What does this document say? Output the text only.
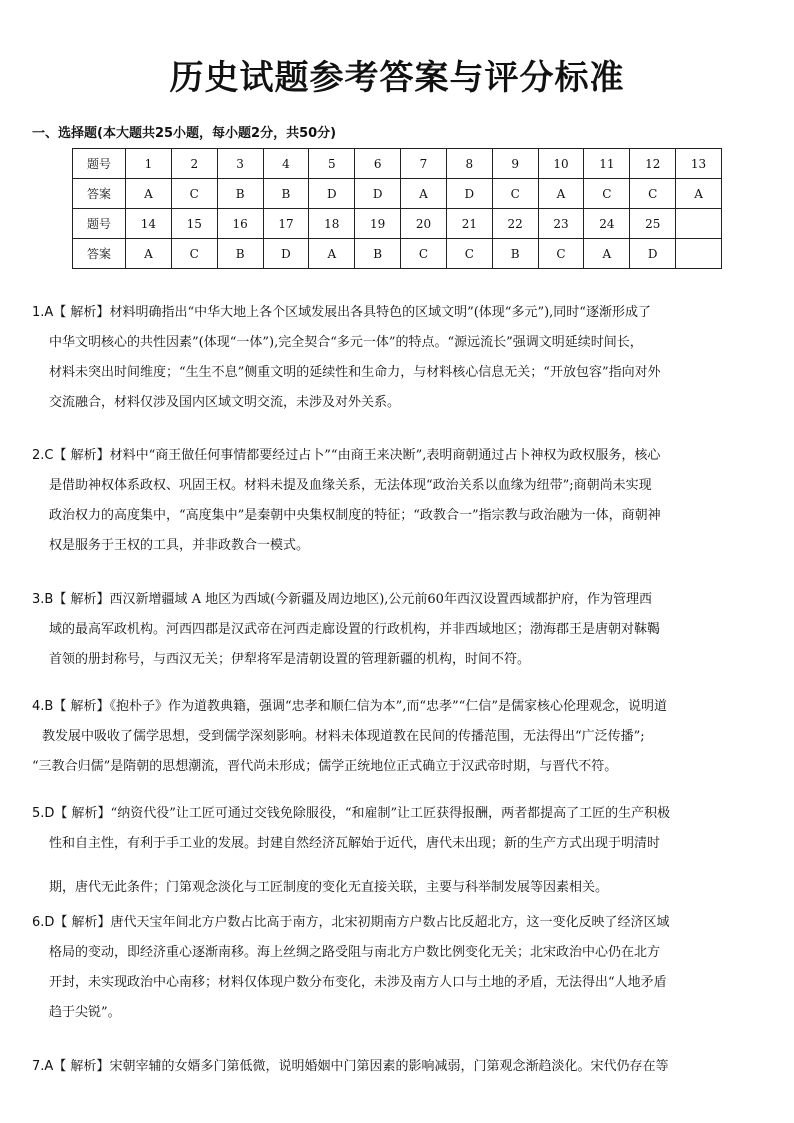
历史试题参考答案与评分标准
一、选择题(本大题共25小题，每小题2分，共50分)
题号	1	2	3	4	5	6	7	8	9	10	11	12	13
答案	A	C	B	B	D	D	A	D	C	A	C	C	A
题号	14	15	16	17	18	19	20	21	22	23	24	25	
答案	A	C	B	D	A	B	C	C	B	C	A	D	

1.A【 解析】材料明确指出“中华大地上各个区域发展出各具特色的区域文明”(体现“多元”),同时“逐渐形成了

中华文明核心的共性因素”(体现“一体”),完全契合“多元一体”的特点。“源远流长”强调文明延续时间长，

材料未突出时间维度；“生生不息”侧重文明的延续性和生命力，与材料核心信息无关；“开放包容”指向对外

交流融合，材料仅涉及国内区域文明交流，未涉及对外关系。

2.C【 解析】材料中“商王做任何事情都要经过占卜”“由商王来决断”,表明商朝通过占卜神权为政权服务，核心

是借助神权体系政权、巩固王权。材料未提及血缘关系，无法体现“政治关系以血缘为纽带”;商朝尚未实现

政治权力的高度集中，“高度集中”是秦朝中央集权制度的特征；“政教合一”指宗教与政治融为一体，商朝神

权是服务于王权的工具，并非政教合一模式。

3.B【 解析】西汉新增疆域 A 地区为西域(今新疆及周边地区),公元前60年西汉设置西域都护府，作为管理西

域的最高军政机构。河西四郡是汉武帝在河西走廊设置的行政机构，并非西域地区；渤海郡王是唐朝对靺鞨

首领的册封称号，与西汉无关；伊犁将军是清朝设置的管理新疆的机构，时间不符。

4.B【 解析】《抱朴子》作为道教典籍，强调“忠孝和顺仁信为本”,而“忠孝”“仁信”是儒家核心伦理观念，说明道

教发展中吸收了儒学思想，受到儒学深刻影响。材料未体现道教在民间的传播范围，无法得出“广泛传播”;

“三教合归儒”是隋朝的思想潮流，晋代尚未形成；儒学正统地位正式确立于汉武帝时期，与晋代不符。

5.D【 解析】“纳资代役”让工匠可通过交钱免除服役，“和雇制”让工匠获得报酬，两者都提高了工匠的生产积极

性和自主性，有利于手工业的发展。封建自然经济瓦解始于近代，唐代未出现；新的生产方式出现于明清时

期，唐代无此条件；门第观念淡化与工匠制度的变化无直接关联，主要与科举制发展等因素相关。

6.D【 解析】唐代天宝年间北方户数占比高于南方，北宋初期南方户数占比反超北方，这一变化反映了经济区域

格局的变动，即经济重心逐渐南移。海上丝绸之路受阻与南北方户数比例变化无关；北宋政治中心仍在北方

开封，未实现政治中心南移；材料仅体现户数分布变化，未涉及南方人口与土地的矛盾，无法得出“人地矛盾

趋于尖锐”。

7.A【 解析】宋朝宰辅的女婿多门第低微，说明婚姻中门第因素的影响减弱，门第观念渐趋淡化。宋代仍存在等
